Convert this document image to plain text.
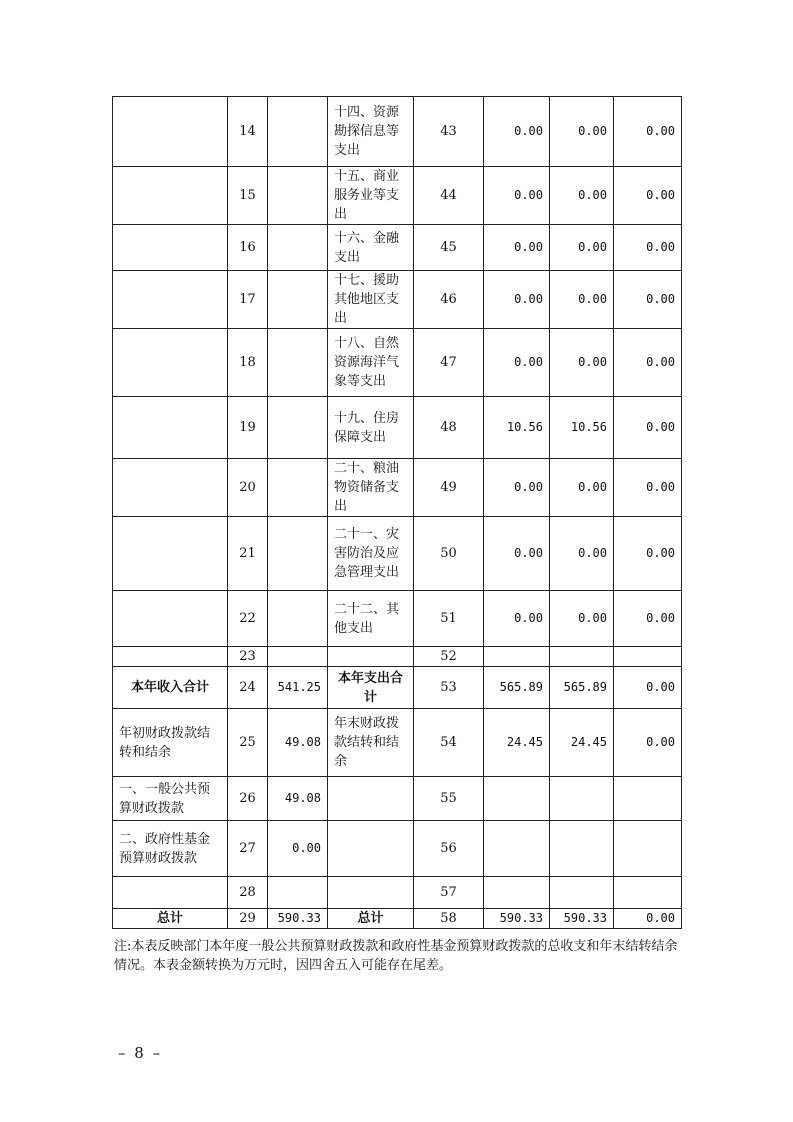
	14		十四、资源勘探信息等支出	43	0.00	0.00	0.00
	15		十五、商业服务业等支出	44	0.00	0.00	0.00
	16		十六、金融支出	45	0.00	0.00	0.00
	17		十七、援助其他地区支出	46	0.00	0.00	0.00
	18		十八、自然资源海洋气象等支出	47	0.00	0.00	0.00
	19		十九、住房保障支出	48	10.56	10.56	0.00
	20		二十、粮油物资储备支出	49	0.00	0.00	0.00
	21		二十一、灾害防治及应急管理支出	50	0.00	0.00	0.00
	22		二十二、其他支出	51	0.00	0.00	0.00
	23			52			
本年收入合计	24	541.25	本年支出合计	53	565.89	565.89	0.00
年初财政拨款结转和结余	25	49.08	年末财政拨款结转和结余	54	24.45	24.45	0.00
一、一般公共预算财政拨款	26	49.08		55			
二、政府性基金预算财政拨款	27	0.00		56			
	28			57			
总计	29	590.33	总计	58	590.33	590.33	0.00
注:本表反映部门本年度一般公共预算财政拨款和政府性基金预算财政拨款的总收支和年末结转结余情况。本表金额转换为万元时，因四舍五入可能存在尾差。
– 8 –
